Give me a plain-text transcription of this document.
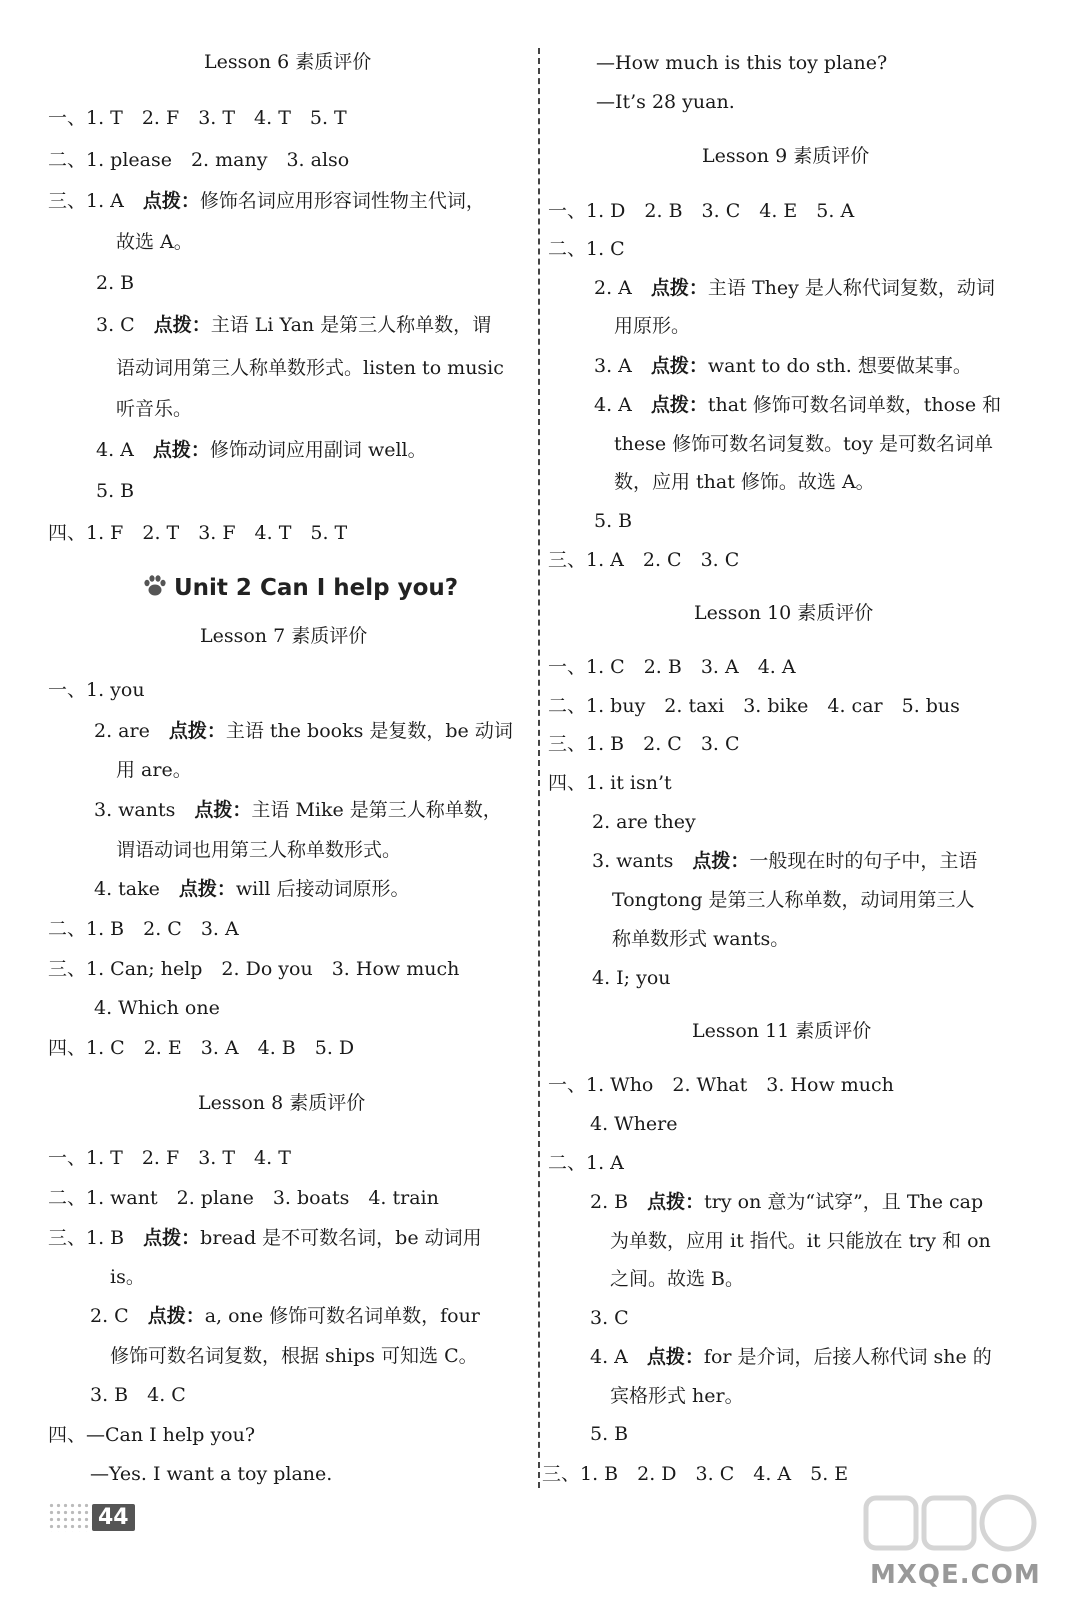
Lesson 6 素质评价
一、1. T　2. F　3. T　4. T　5. T
二、1. please　2. many　3. also
三、1. A　点拨：修饰名词应用形容词性物主代词，
故选 A。
2. B
3. C　点拨：主语 Li Yan 是第三人称单数，谓
语动词用第三人称单数形式。listen to music
听音乐。
4. A　点拨：修饰动词应用副词 well。
5. B
四、1. F　2. T　3. F　4. T　5. T
Unit 2 Can I help you?
Lesson 7 素质评价
一、1. you
2. are　点拨：主语 the books 是复数，be 动词
用 are。
3. wants　点拨：主语 Mike 是第三人称单数，
谓语动词也用第三人称单数形式。
4. take　点拨：will 后接动词原形。
二、1. B　2. C　3. A
三、1. Can; help　2. Do you　3. How much
4. Which one
四、1. C　2. E　3. A　4. B　5. D
Lesson 8 素质评价
一、1. T　2. F　3. T　4. T
二、1. want　2. plane　3. boats　4. train
三、1. B　点拨：bread 是不可数名词，be 动词用
is。
2. C　点拨：a, one 修饰可数名词单数，four
修饰可数名词复数，根据 ships 可知选 C。
3. B　4. C
四、—Can I help you?
—Yes. I want a toy plane.
—How much is this toy plane?
—It’s 28 yuan.
Lesson 9 素质评价
一、1. D　2. B　3. C　4. E　5. A
二、1. C
2. A　点拨：主语 They 是人称代词复数，动词
用原形。
3. A　点拨：want to do sth. 想要做某事。
4. A　点拨：that 修饰可数名词单数，those 和
these 修饰可数名词复数。toy 是可数名词单
数，应用 that 修饰。故选 A。
5. B
三、1. A　2. C　3. C
Lesson 10 素质评价
一、1. C　2. B　3. A　4. A
二、1. buy　2. taxi　3. bike　4. car　5. bus
三、1. B　2. C　3. C
四、1. it isn’t
2. are they
3. wants　点拨：一般现在时的句子中，主语
Tongtong 是第三人称单数，动词用第三人
称单数形式 wants。
4. I; you
Lesson 11 素质评价
一、1. Who　2. What　3. How much
4. Where
二、1. A
2. B　点拨：try on 意为“试穿”，且 The cap
为单数，应用 it 指代。it 只能放在 try 和 on
之间。故选 B。
3. C
4. A　点拨：for 是介词，后接人称代词 she 的
宾格形式 her。
5. B
三、1. B　2. D　3. C　4. A　5. E
44
MXQE.COM
